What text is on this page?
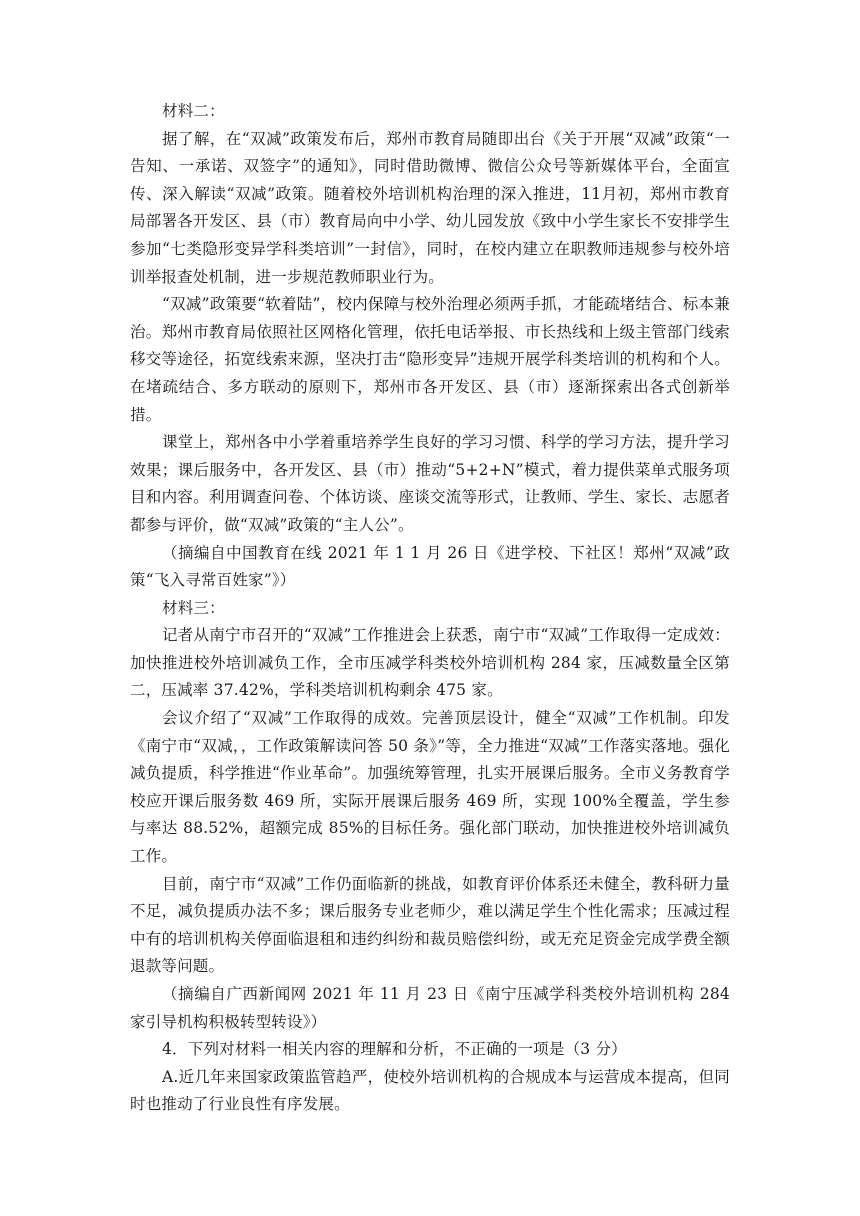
材料二：

据了解，在“双减”政策发布后，郑州市教育局随即出台《关于开展“双减”政策“一告知、一承诺、双签字”的通知》，同时借助微博、微信公众号等新媒体平台，全面宣传、深入解读“双减”政策。随着校外培训机构治理的深入推进，11月初，郑州市教育局部署各开发区、县（市）教育局向中小学、幼儿园发放《致中小学生家长不安排学生参加“七类隐形变异学科类培训”一封信》，同时，在校内建立在职教师违规参与校外培训举报查处机制，进一步规范教师职业行为。

“双减”政策要“软着陆”，校内保障与校外治理必须两手抓，才能疏堵结合、标本兼治。郑州市教育局依照社区网格化管理，依托电话举报、市长热线和上级主管部门线索移交等途径，拓宽线索来源，坚决打击“隐形变异”违规开展学科类培训的机构和个人。在堵疏结合、多方联动的原则下，郑州市各开发区、县（市）逐渐探索出各式创新举措。

课堂上，郑州各中小学着重培养学生良好的学习习惯、科学的学习方法，提升学习效果；课后服务中，各开发区、县（市）推动“5+2+N”模式，着力提供菜单式服务项目和内容。利用调查问卷、个体访谈、座谈交流等形式，让教师、学生、家长、志愿者都参与评价，做“双减”政策的“主人公”。

（摘编自中国教育在线 2021 年 1 1 月 26 日《进学校、下社区！郑州“双减”政策“飞入寻常百姓家”》）

材料三：

记者从南宁市召开的“双减”工作推进会上获悉，南宁市“双减”工作取得一定成效：加快推进校外培训减负工作，全市压减学科类校外培训机构 284 家，压减数量全区第二，压减率 37.42%，学科类培训机构剩余 475 家。

会议介绍了“双减”工作取得的成效。完善顶层设计，健全“双减”工作机制。印发《南宁市“双减，，工作政策解读问答 50 条》”等，全力推进“双减”工作落实落地。强化减负提质，科学推进“作业革命”。加强统筹管理，扎实开展课后服务。全市义务教育学校应开课后服务数 469 所，实际开展课后服务 469 所，实现 100%全覆盖，学生参与率达 88.52%，超额完成 85%的目标任务。强化部门联动，加快推进校外培训减负工作。

目前，南宁市“双减”工作仍面临新的挑战，如教育评价体系还未健全，教科研力量不足，减负提质办法不多；课后服务专业老师少，难以满足学生个性化需求；压减过程中有的培训机构关停面临退租和违约纠纷和裁员赔偿纠纷，或无充足资金完成学费全额退款等问题。

（摘编自广西新闻网 2021 年 11 月 23 日《南宁压减学科类校外培训机构 284 家引导机构积极转型转设》）

4．下列对材料一相关内容的理解和分析，不正确的一项是（3 分）

A.近几年来国家政策监管趋严，使校外培训机构的合规成本与运营成本提高，但同时也推动了行业良性有序发展。
